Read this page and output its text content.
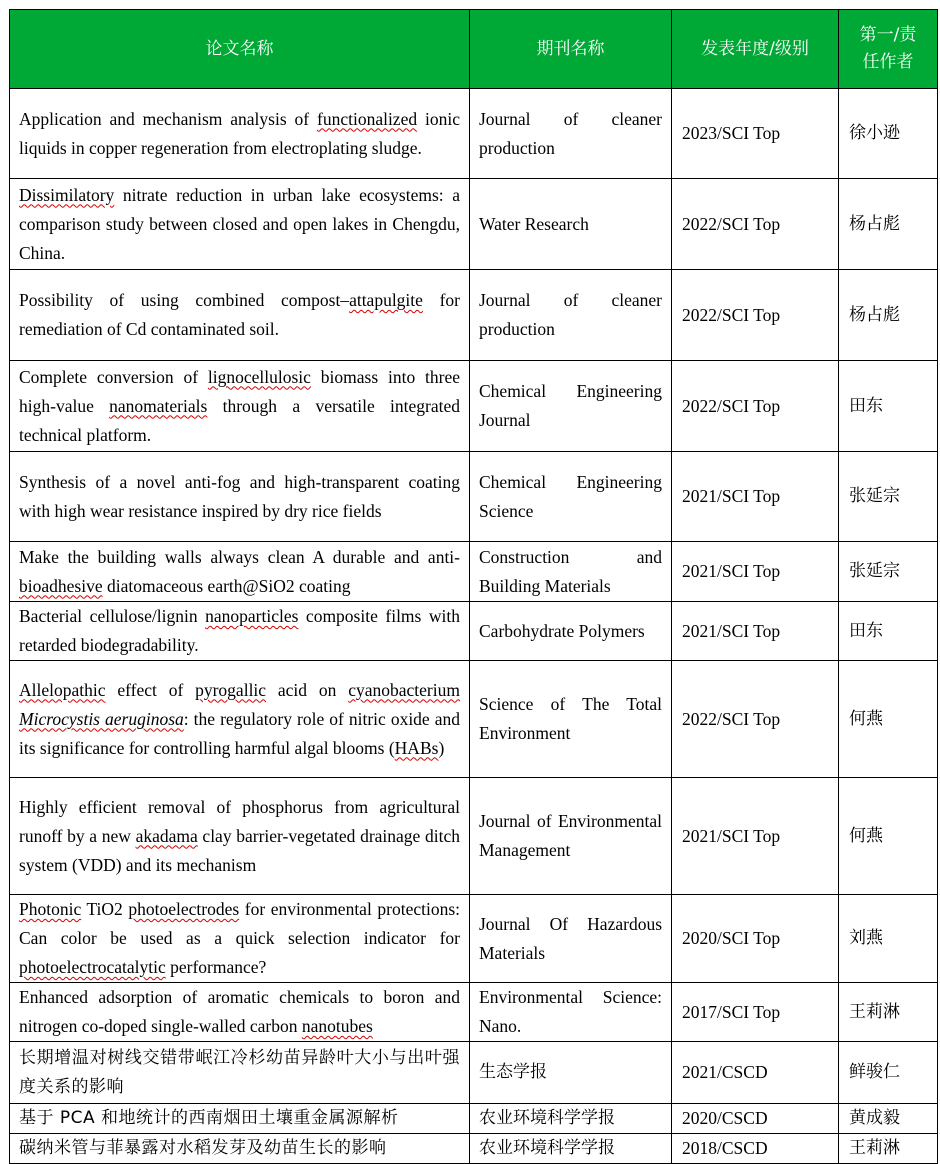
论文名称	期刊名称	发表年度/级别	第一/责任作者
Application and mechanism analysis of functionalized ionic liquids in copper regeneration from electroplating sludge.	Journal of cleaner production	2023/SCI Top	徐小逊
Dissimilatory nitrate reduction in urban lake ecosystems: a comparison study between closed and open lakes in Chengdu, China.	Water Research	2022/SCI Top	杨占彪
Possibility of using combined compost–attapulgite for remediation of Cd contaminated soil.	Journal of cleaner production	2022/SCI Top	杨占彪
Complete conversion of lignocellulosic biomass into three high-value nanomaterials through a versatile integrated technical platform.	Chemical Engineering Journal	2022/SCI Top	田东
Synthesis of a novel anti-fog and high-transparent coating with high wear resistance inspired by dry rice fields	Chemical Engineering Science	2021/SCI Top	张延宗
Make the building walls always clean A durable and anti-bioadhesive diatomaceous earth@SiO2 coating	Construction and Building Materials	2021/SCI Top	张延宗
Bacterial cellulose/lignin nanoparticles composite films with retarded biodegradability.	Carbohydrate Polymers	2021/SCI Top	田东
Allelopathic effect of pyrogallic acid on cyanobacterium Microcystis aeruginosa: the regulatory role of nitric oxide and its significance for controlling harmful algal blooms (HABs)	Science of The Total Environment	2022/SCI Top	何燕
Highly efficient removal of phosphorus from agricultural runoff by a new akadama clay barrier-vegetated drainage ditch system (VDD) and its mechanism	Journal of Environmental Management	2021/SCI Top	何燕
Photonic TiO2 photoelectrodes for environmental protections: Can color be used as a quick selection indicator for photoelectrocatalytic performance?	Journal Of Hazardous Materials	2020/SCI Top	刘燕
Enhanced adsorption of aromatic chemicals to boron and nitrogen co-doped single-walled carbon nanotubes	Environmental Science: Nano.	2017/SCI Top	王莉淋
长期增温对树线交错带岷江冷杉幼苗异龄叶大小与出叶强度关系的影响	生态学报	2021/CSCD	鲜骏仁
基于 PCA 和地统计的西南烟田土壤重金属源解析	农业环境科学学报	2020/CSCD	黄成毅
碳纳米管与菲暴露对水稻发芽及幼苗生长的影响	农业环境科学学报	2018/CSCD	王莉淋
